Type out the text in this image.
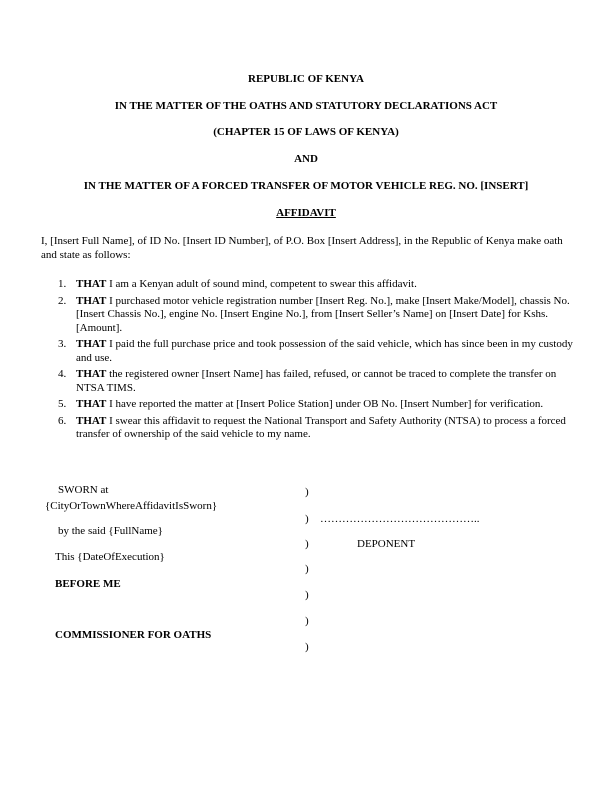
REPUBLIC OF KENYA
IN THE MATTER OF THE OATHS AND STATUTORY DECLARATIONS ACT
(CHAPTER 15 OF LAWS OF KENYA)
AND
IN THE MATTER OF A FORCED TRANSFER OF MOTOR VEHICLE REG. NO. [INSERT]
AFFIDAVIT
I, [Insert Full Name], of ID No. [Insert ID Number], of P.O. Box [Insert Address], in the Republic of Kenya make oath and state as follows:
1. THAT I am a Kenyan adult of sound mind, competent to swear this affidavit.
2. THAT I purchased motor vehicle registration number [Insert Reg. No.], make [Insert Make/Model], chassis No. [Insert Chassis No.], engine No. [Insert Engine No.], from [Insert Seller’s Name] on [Insert Date] for Kshs. [Amount].
3. THAT I paid the full purchase price and took possession of the said vehicle, which has since been in my custody and use.
4. THAT the registered owner [Insert Name] has failed, refused, or cannot be traced to complete the transfer on NTSA TIMS.
5. THAT I have reported the matter at [Insert Police Station] under OB No. [Insert Number] for verification.
6. THAT I swear this affidavit to request the National Transport and Safety Authority (NTSA) to process a forced transfer of ownership of the said vehicle to my name.
SWORN at
{CityOrTownWhereAffidavitIsSworn}
by the said {FullName}
This {DateOfExecution}
BEFORE ME
COMMISSIONER FOR OATHS
)
)
)
)
)
)
)
……………………………………..
DEPONENT
